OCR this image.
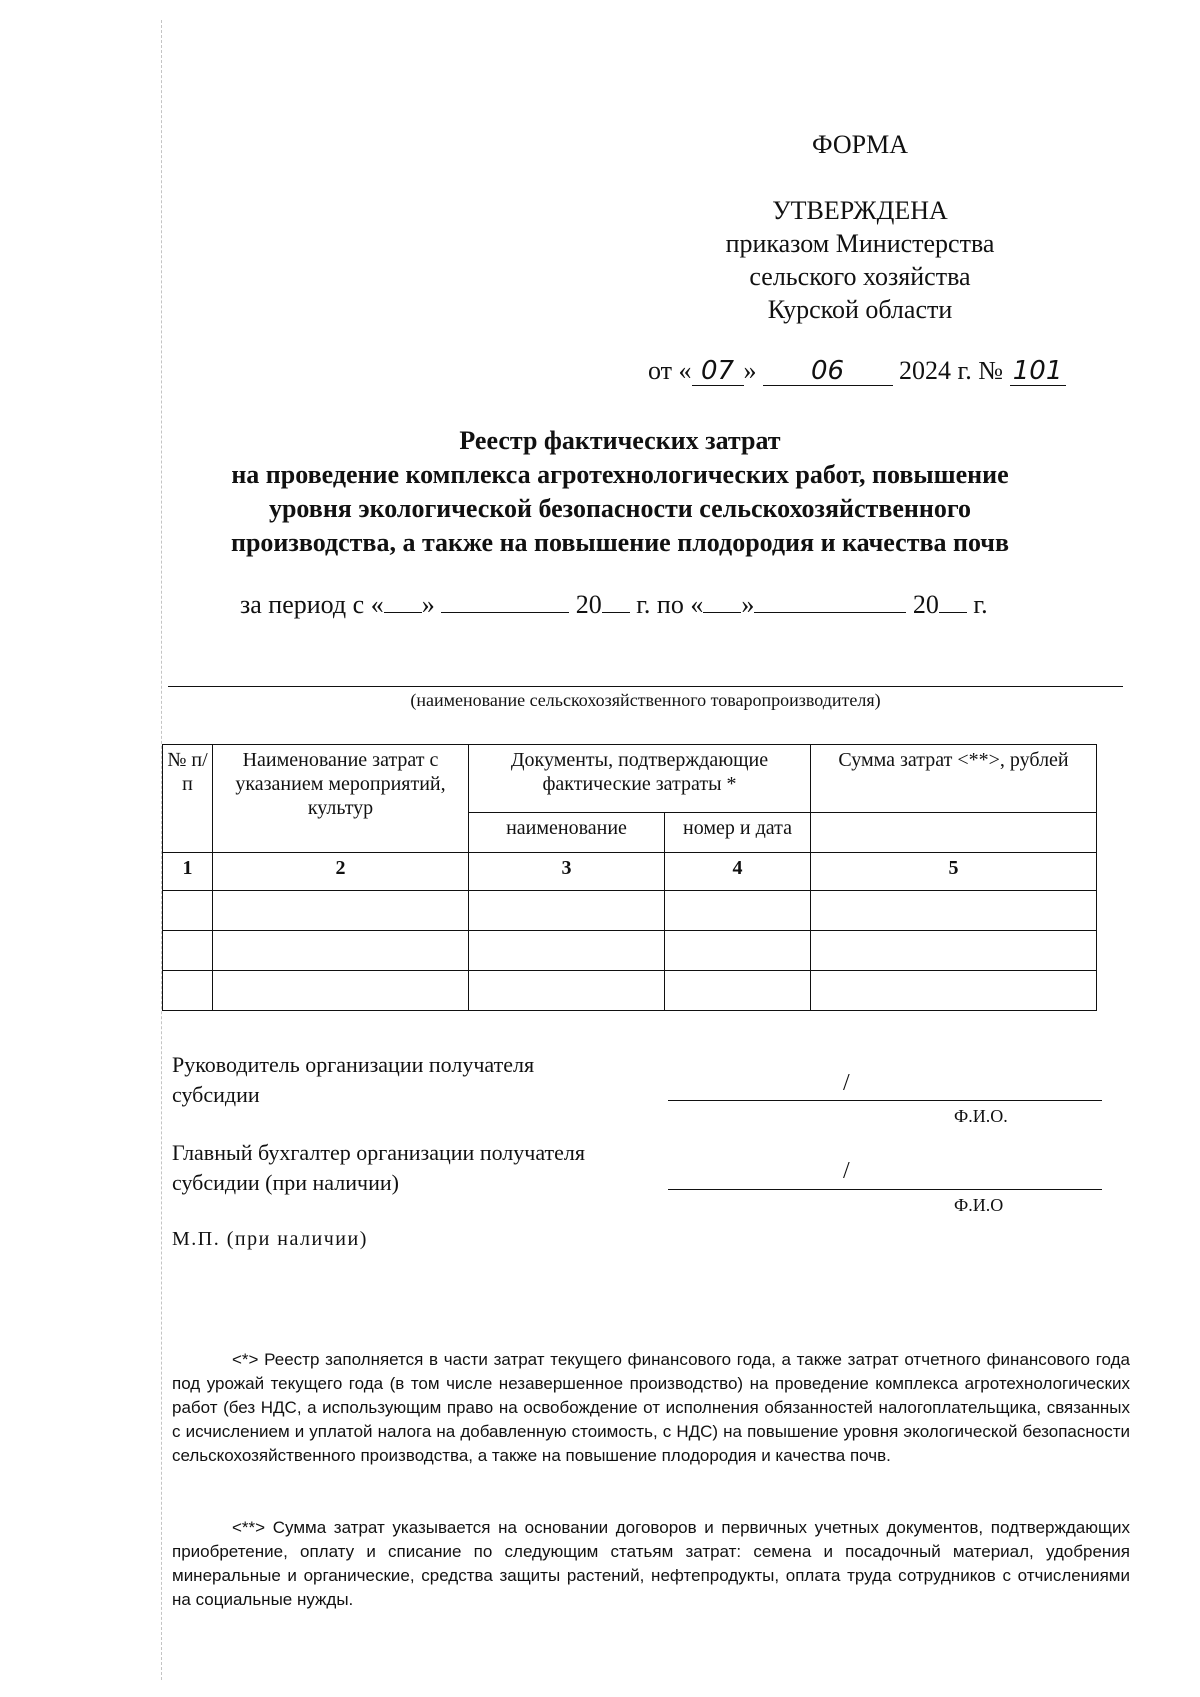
ФОРМА
УТВЕРЖДЕНА
приказом Министерства
сельского хозяйства
Курской области
от « 07 » 06 2024 г. № 101
Реестр фактических затрат
на проведение комплекса агротехнологических работ, повышение
уровня экологической безопасности сельскохозяйственного
производства, а также на повышение плодородия и качества почв
за период с « »	20 г. по « »	20 г.
(наименование сельскохозяйственного товаропроизводителя)
№ п/п	Наименование затрат с указанием мероприятий, культур	Документы, подтверждающие фактические затраты *		Сумма затрат <**>, рублей
		наименование	номер и дата	
1	2	3	4	5

Руководитель организации получателя
субсидии	/
Ф.И.О.
Главный бухгалтер организации получателя
субсидии (при наличии)	/
Ф.И.О
М.П. (при наличии)
<*> Реестр заполняется в части затрат текущего финансового года, а также затрат отчетного финансового года под урожай текущего года (в том числе незавершенное производство) на проведение комплекса агротехнологических работ (без НДС, а использующим право на освобождение от исполнения обязанностей налогоплательщика, связанных с исчислением и уплатой налога на добавленную стоимость, с НДС) на повышение уровня экологической безопасности сельскохозяйственного производства, а также на повышение плодородия и качества почв.
<**> Сумма затрат указывается на основании договоров и первичных учетных документов, подтверждающих приобретение, оплату и списание по следующим статьям затрат: семена и посадочный материал, удобрения минеральные и органические, средства защиты растений, нефтепродукты, оплата труда сотрудников с отчислениями на социальные нужды.
